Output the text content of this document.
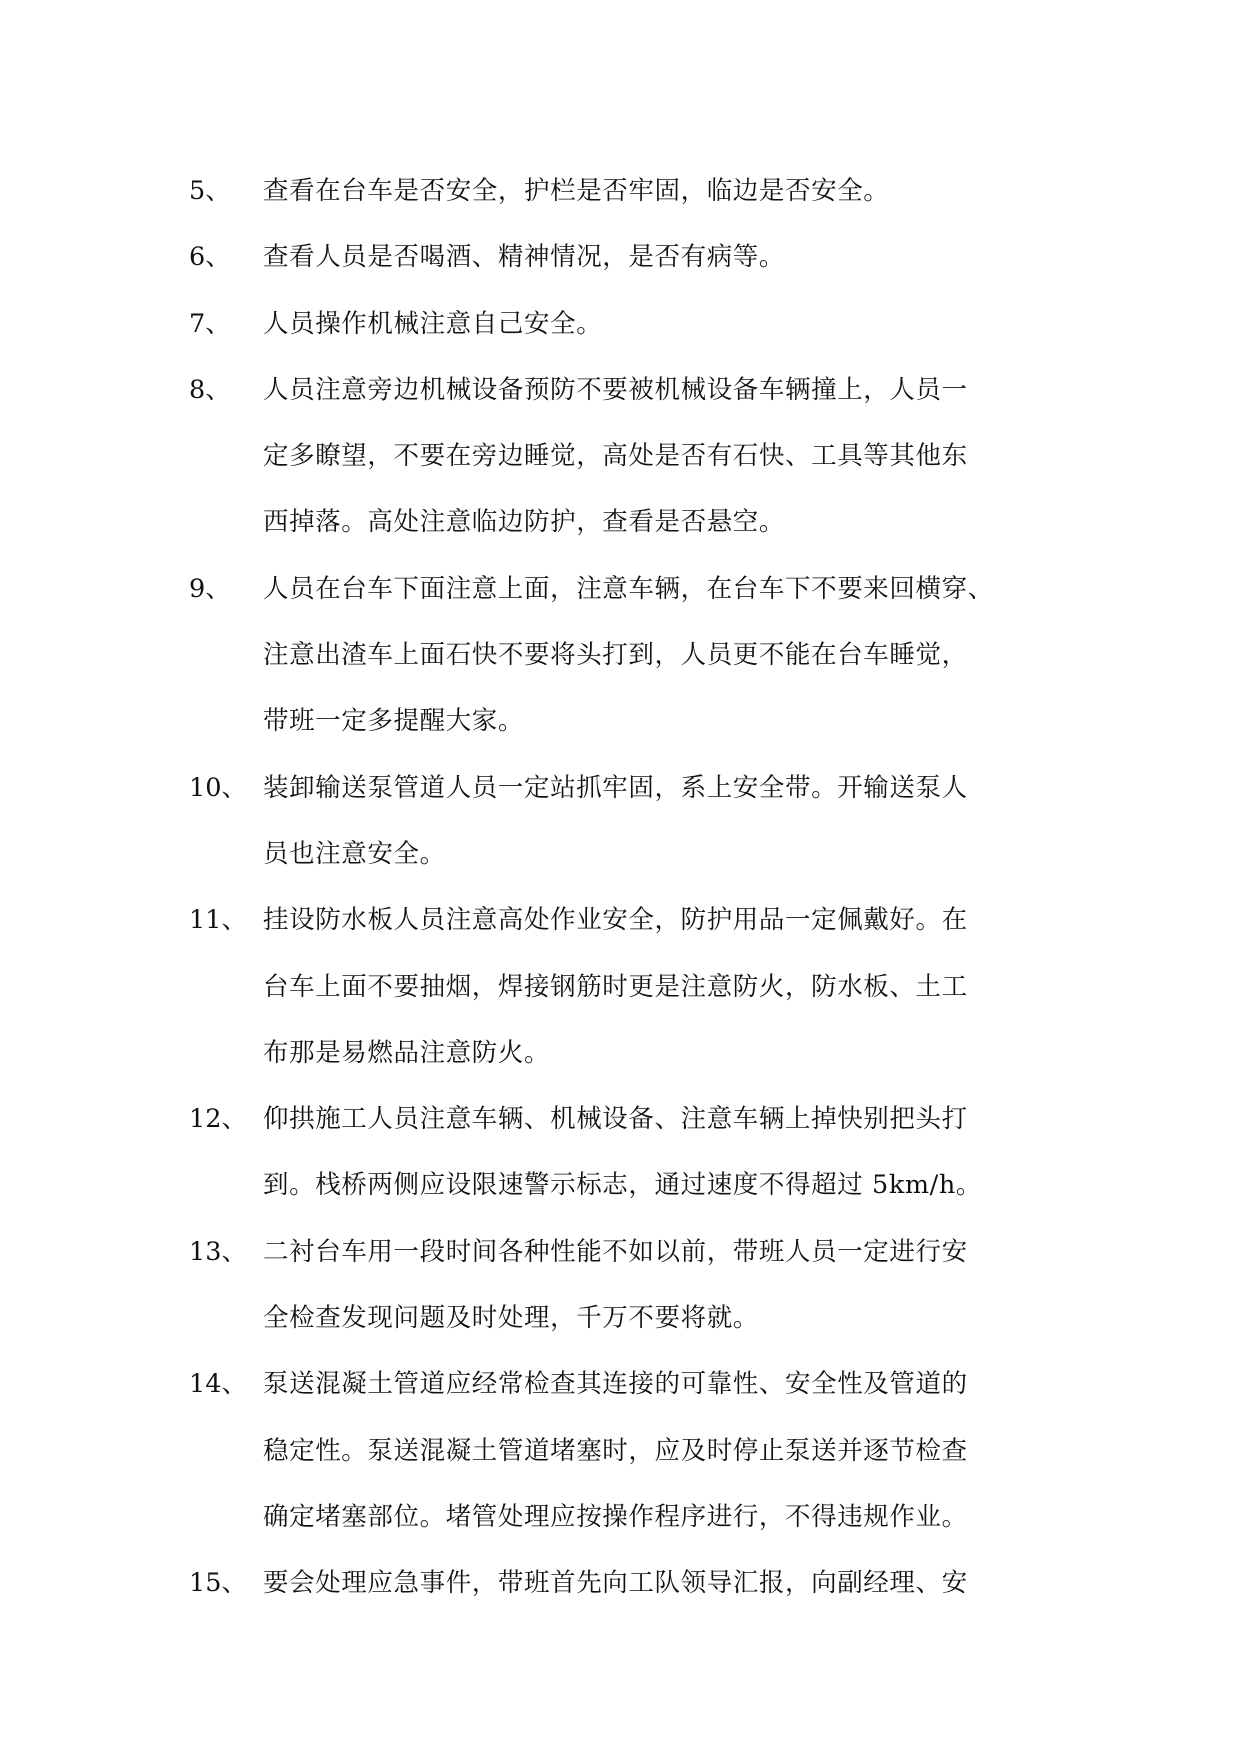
5、	查看在台车是否安全，护栏是否牢固，临边是否安全。
6、	查看人员是否喝酒、精神情况，是否有病等。
7、	人员操作机械注意自己安全。
8、	人员注意旁边机械设备预防不要被机械设备车辆撞上，人员一
定多瞭望，不要在旁边睡觉，高处是否有石快、工具等其他东
西掉落。高处注意临边防护，查看是否悬空。
9、	人员在台车下面注意上面，注意车辆，在台车下不要来回横穿、
注意出渣车上面石快不要将头打到，人员更不能在台车睡觉，
带班一定多提醒大家。
10、 装卸输送泵管道人员一定站抓牢固，系上安全带。开输送泵人
员也注意安全。
11、 挂设防水板人员注意高处作业安全，防护用品一定佩戴好。在
台车上面不要抽烟，焊接钢筋时更是注意防火，防水板、土工
布那是易燃品注意防火。
12、 仰拱施工人员注意车辆、机械设备、注意车辆上掉快别把头打
到。栈桥两侧应设限速警示标志，通过速度不得超过 5km/h。
13、 二衬台车用一段时间各种性能不如以前，带班人员一定进行安
全检查发现问题及时处理，千万不要将就。
14、 泵送混凝土管道应经常检查其连接的可靠性、安全性及管道的
稳定性。泵送混凝土管道堵塞时，应及时停止泵送并逐节检查
确定堵塞部位。堵管处理应按操作程序进行，不得违规作业。
15、 要会处理应急事件，带班首先向工队领导汇报，向副经理、安
